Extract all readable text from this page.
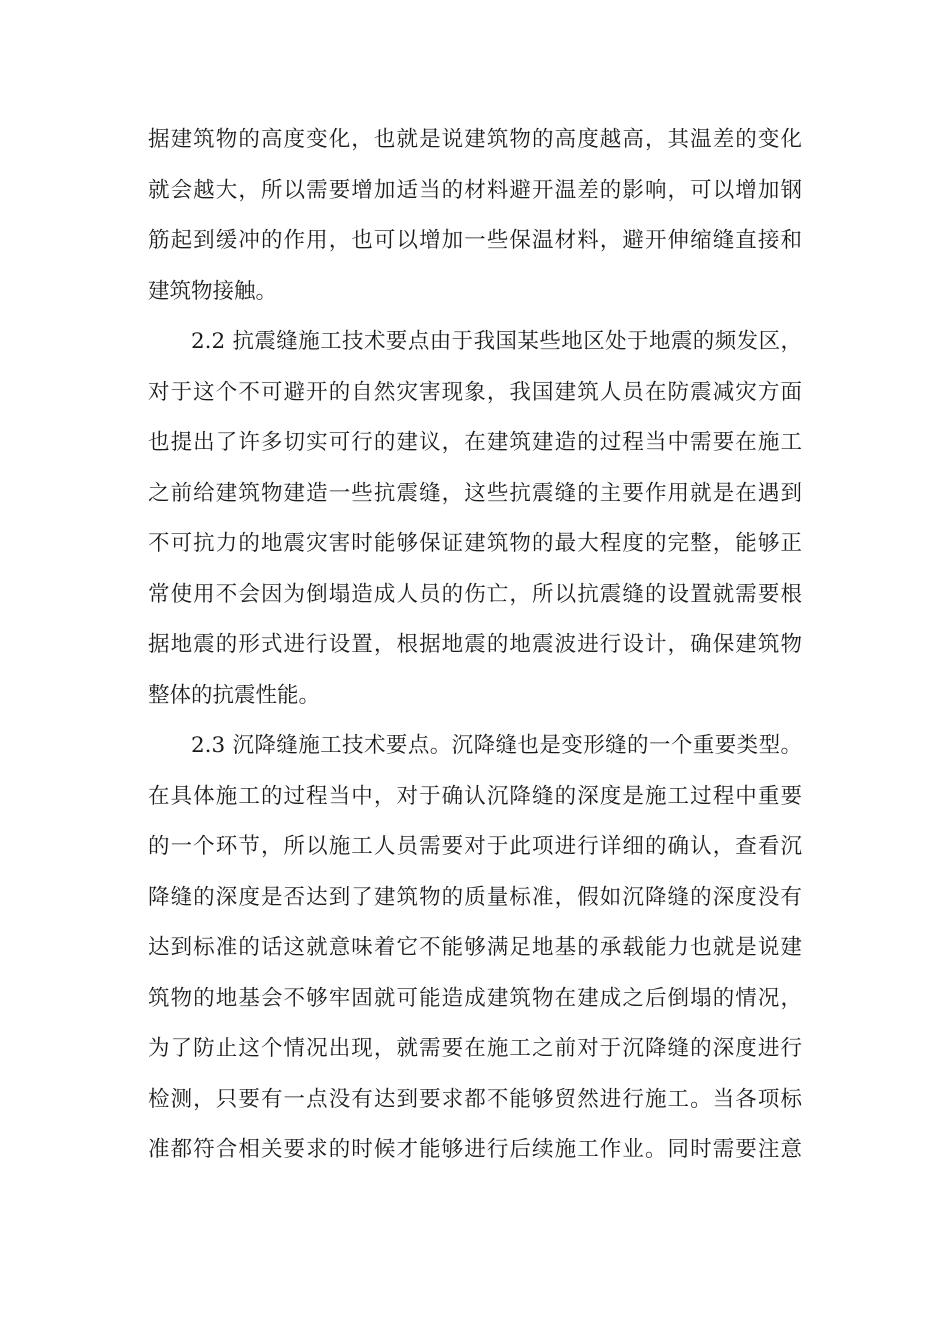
据建筑物的高度变化，也就是说建筑物的高度越高，其温差的变化
就会越大，所以需要增加适当的材料避开温差的影响，可以增加钢
筋起到缓冲的作用，也可以增加一些保温材料，避开伸缩缝直接和
建筑物接触。
2.2 抗震缝施工技术要点由于我国某些地区处于地震的频发区，
对于这个不可避开的自然灾害现象，我国建筑人员在防震减灾方面
也提出了许多切实可行的建议，在建筑建造的过程当中需要在施工
之前给建筑物建造一些抗震缝，这些抗震缝的主要作用就是在遇到
不可抗力的地震灾害时能够保证建筑物的最大程度的完整，能够正
常使用不会因为倒塌造成人员的伤亡，所以抗震缝的设置就需要根
据地震的形式进行设置，根据地震的地震波进行设计，确保建筑物
整体的抗震性能。
2.3 沉降缝施工技术要点。沉降缝也是变形缝的一个重要类型。
在具体施工的过程当中，对于确认沉降缝的深度是施工过程中重要
的一个环节，所以施工人员需要对于此项进行详细的确认，查看沉
降缝的深度是否达到了建筑物的质量标准，假如沉降缝的深度没有
达到标准的话这就意味着它不能够满足地基的承载能力也就是说建
筑物的地基会不够牢固就可能造成建筑物在建成之后倒塌的情况，
为了防止这个情况出现，就需要在施工之前对于沉降缝的深度进行
检测，只要有一点没有达到要求都不能够贸然进行施工。当各项标
准都符合相关要求的时候才能够进行后续施工作业。同时需要注意
